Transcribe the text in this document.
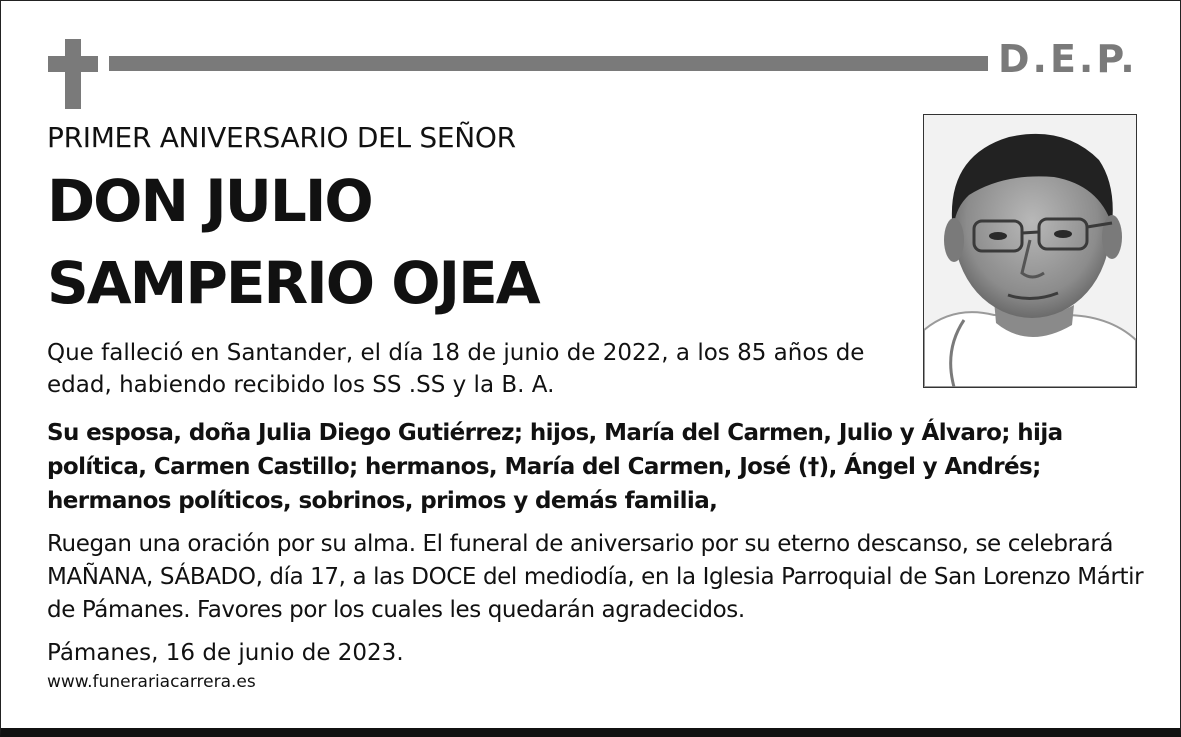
D.E.P.
PRIMER ANIVERSARIO DEL SEÑOR
DON JULIO
SAMPERIO OJEA
Que falleció en Santander, el día 18 de junio de 2022, a los 85 años de edad, habiendo recibido los SS .SS y la B. A.
Su esposa, doña Julia Diego Gutiérrez; hijos, María del Carmen, Julio y Álvaro; hija política, Carmen Castillo; hermanos, María del Carmen, José (†), Ángel y Andrés; hermanos políticos, sobrinos, primos y demás familia,
Ruegan una oración por su alma. El funeral de aniversario por su eterno descanso, se celebrará MAÑANA, SÁBADO, día 17, a las DOCE del mediodía, en la Iglesia Parroquial de San Lorenzo Mártir de Pámanes. Favores por los cuales les quedarán agradecidos.
Pámanes, 16 de junio de 2023.
www.funerariacarrera.es
